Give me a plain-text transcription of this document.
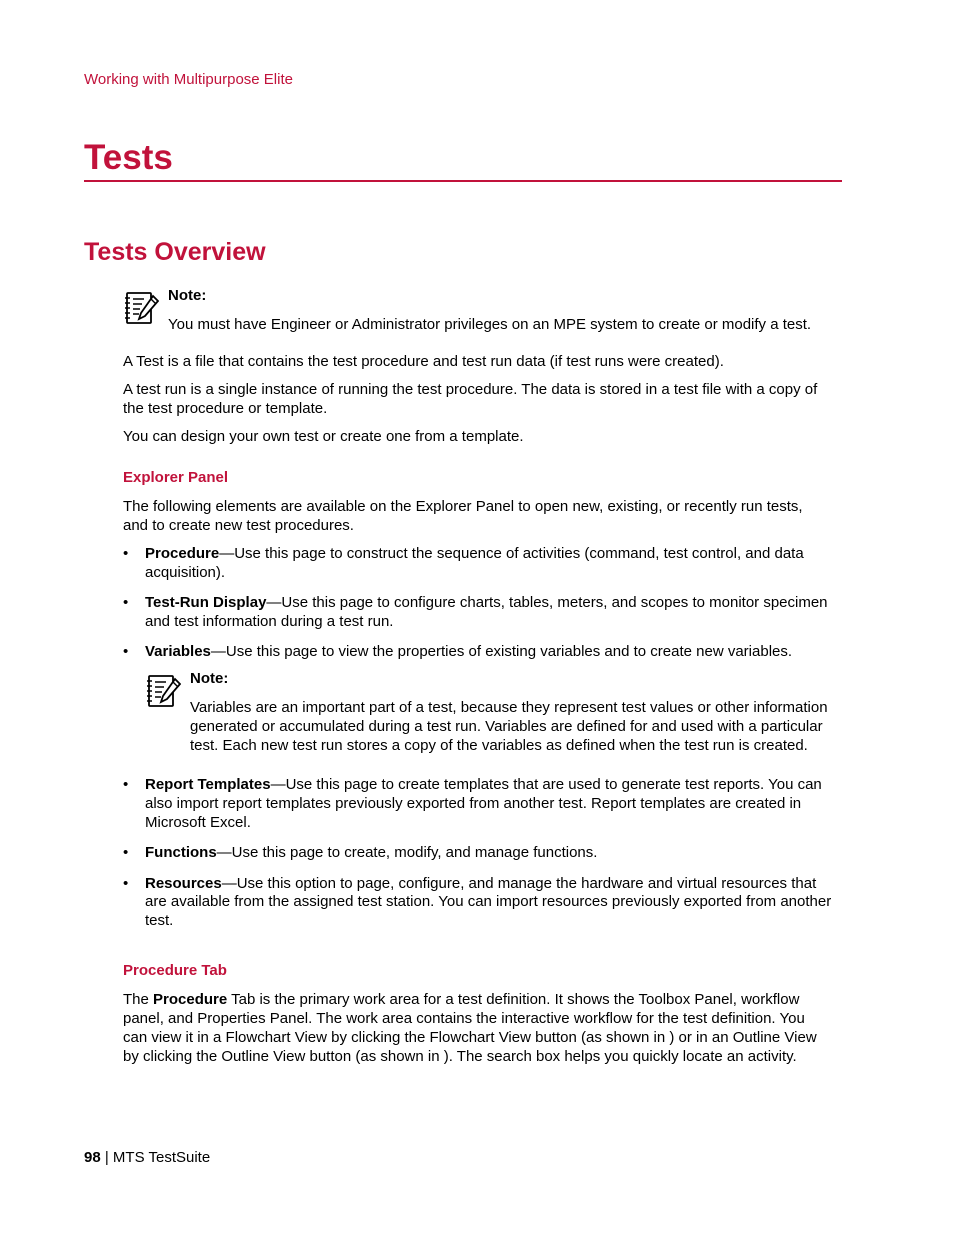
Working with Multipurpose Elite
Tests
Tests Overview
Note:
You must have Engineer or Administrator privileges on an MPE system to create or modify a test.
A Test is a file that contains the test procedure and test run data (if test runs were created).
A test run is a single instance of running the test procedure. The data is stored in a test file with a copy of
the test procedure or template.
You can design your own test or create one from a template.
Explorer Panel
The following elements are available on the Explorer Panel to open new, existing, or recently run tests,
and to create new test procedures.
• Procedure—Use this page to construct the sequence of activities (command, test control, and data
acquisition).
• Test-Run Display—Use this page to configure charts, tables, meters, and scopes to monitor specimen
and test information during a test run.
• Variables—Use this page to view the properties of existing variables and to create new variables.
Note:
Variables are an important part of a test, because they represent test values or other information
generated or accumulated during a test run. Variables are defined for and used with a particular
test. Each new test run stores a copy of the variables as defined when the test run is created.
• Report Templates—Use this page to create templates that are used to generate test reports. You can
also import report templates previously exported from another test. Report templates are created in
Microsoft Excel.
• Functions—Use this page to create, modify, and manage functions.
• Resources—Use this option to page, configure, and manage the hardware and virtual resources that
are available from the assigned test station. You can import resources previously exported from another
test.
Procedure Tab
The Procedure Tab is the primary work area for a test definition. It shows the Toolbox Panel, workflow
panel, and Properties Panel. The work area contains the interactive workflow for the test definition. You
can view it in a Flowchart View by clicking the Flowchart View button (as shown in ) or in an Outline View
by clicking the Outline View button (as shown in ). The search box helps you quickly locate an activity.
98 | MTS TestSuite
